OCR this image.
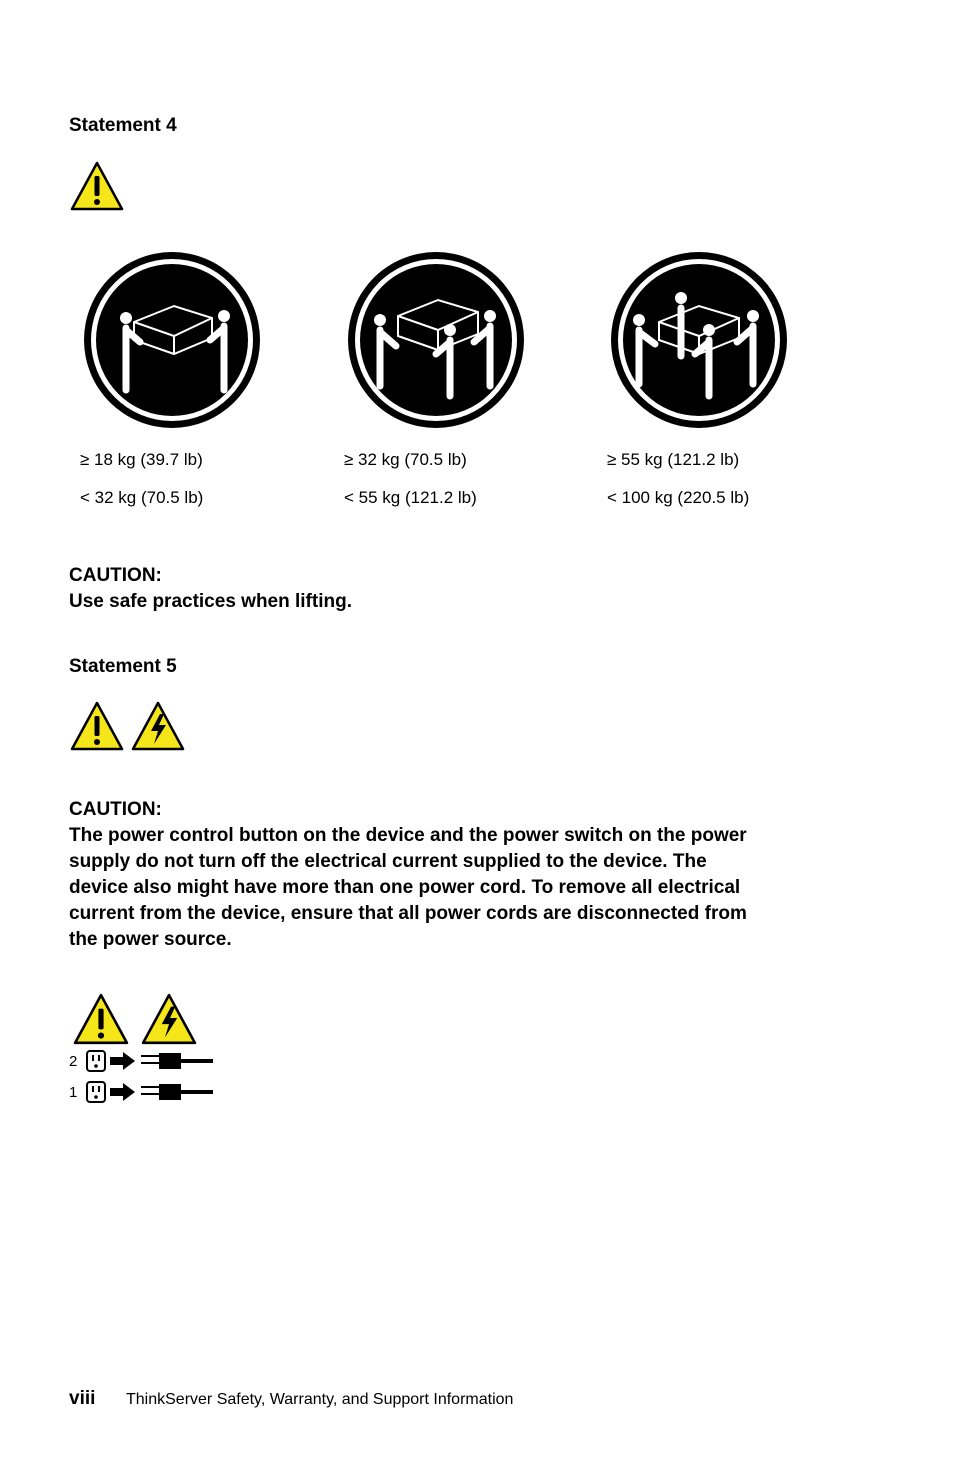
Statement 4
≥ 18 kg (39.7 lb)
< 32 kg (70.5 lb)
≥ 32 kg (70.5 lb)
< 55 kg (121.2 lb)
≥ 55 kg (121.2 lb)
< 100 kg (220.5 lb)
CAUTION:
Use safe practices when lifting.
Statement 5
CAUTION:
The power control button on the device and the power switch on the power
supply do not turn off the electrical current supplied to the device. The
device also might have more than one power cord. To remove all electrical
current from the device, ensure that all power cords are disconnected from
the power source.
2
1
viii ThinkServer Safety, Warranty, and Support Information
